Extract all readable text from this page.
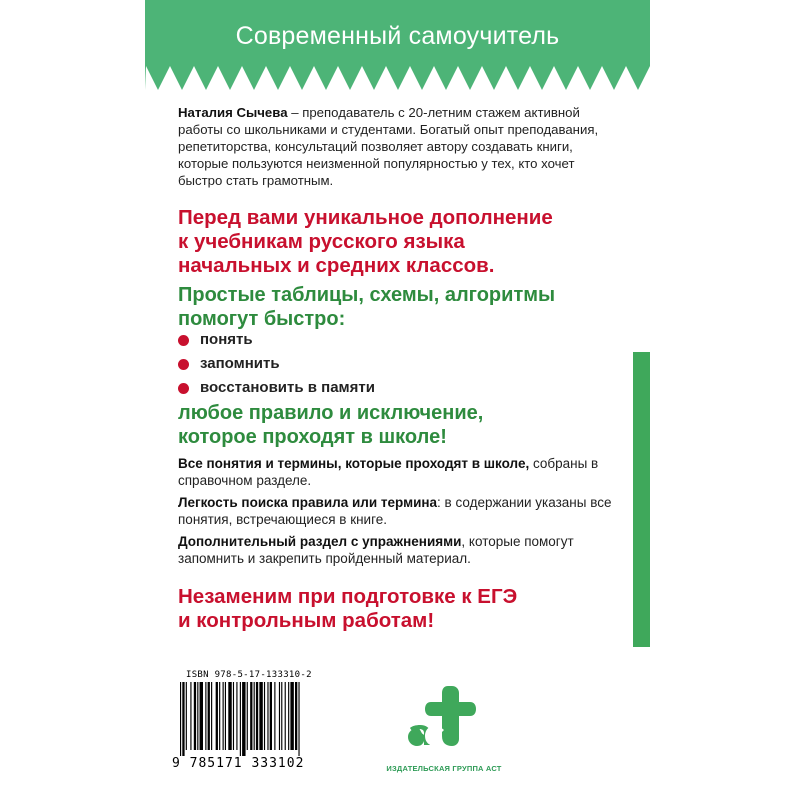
Современный самоучитель
Наталия Сычева – преподаватель с 20-летним стажем активной работы со школьниками и студентами. Богатый опыт преподавания, репетиторства, консультаций позволяет автору создавать книги, которые пользуются неизменной популярностью у тех, кто хочет быстро стать грамотным.
Перед вами уникальное дополнение
к учебникам русского языка
начальных и средних классов.
Простые таблицы, схемы, алгоритмы
помогут быстро:
понять
запомнить
восстановить в памяти
любое правило и исключение,
которое проходят в школе!

Все понятия и термины, которые проходят в школе, собраны в справочном разделе.

Легкость поиска правила или термина: в содержании указаны все понятия, встречающиеся в книге.

Дополнительный раздел с упражнениями, которые помогут запомнить и закрепить пройденный материал.

Незаменим при подготовке к ЕГЭ
и контрольным работам!
ISBN 978-5-17-133310-2
9 785171 333102	ИЗДАТЕЛЬСКАЯ ГРУППА АСТ
